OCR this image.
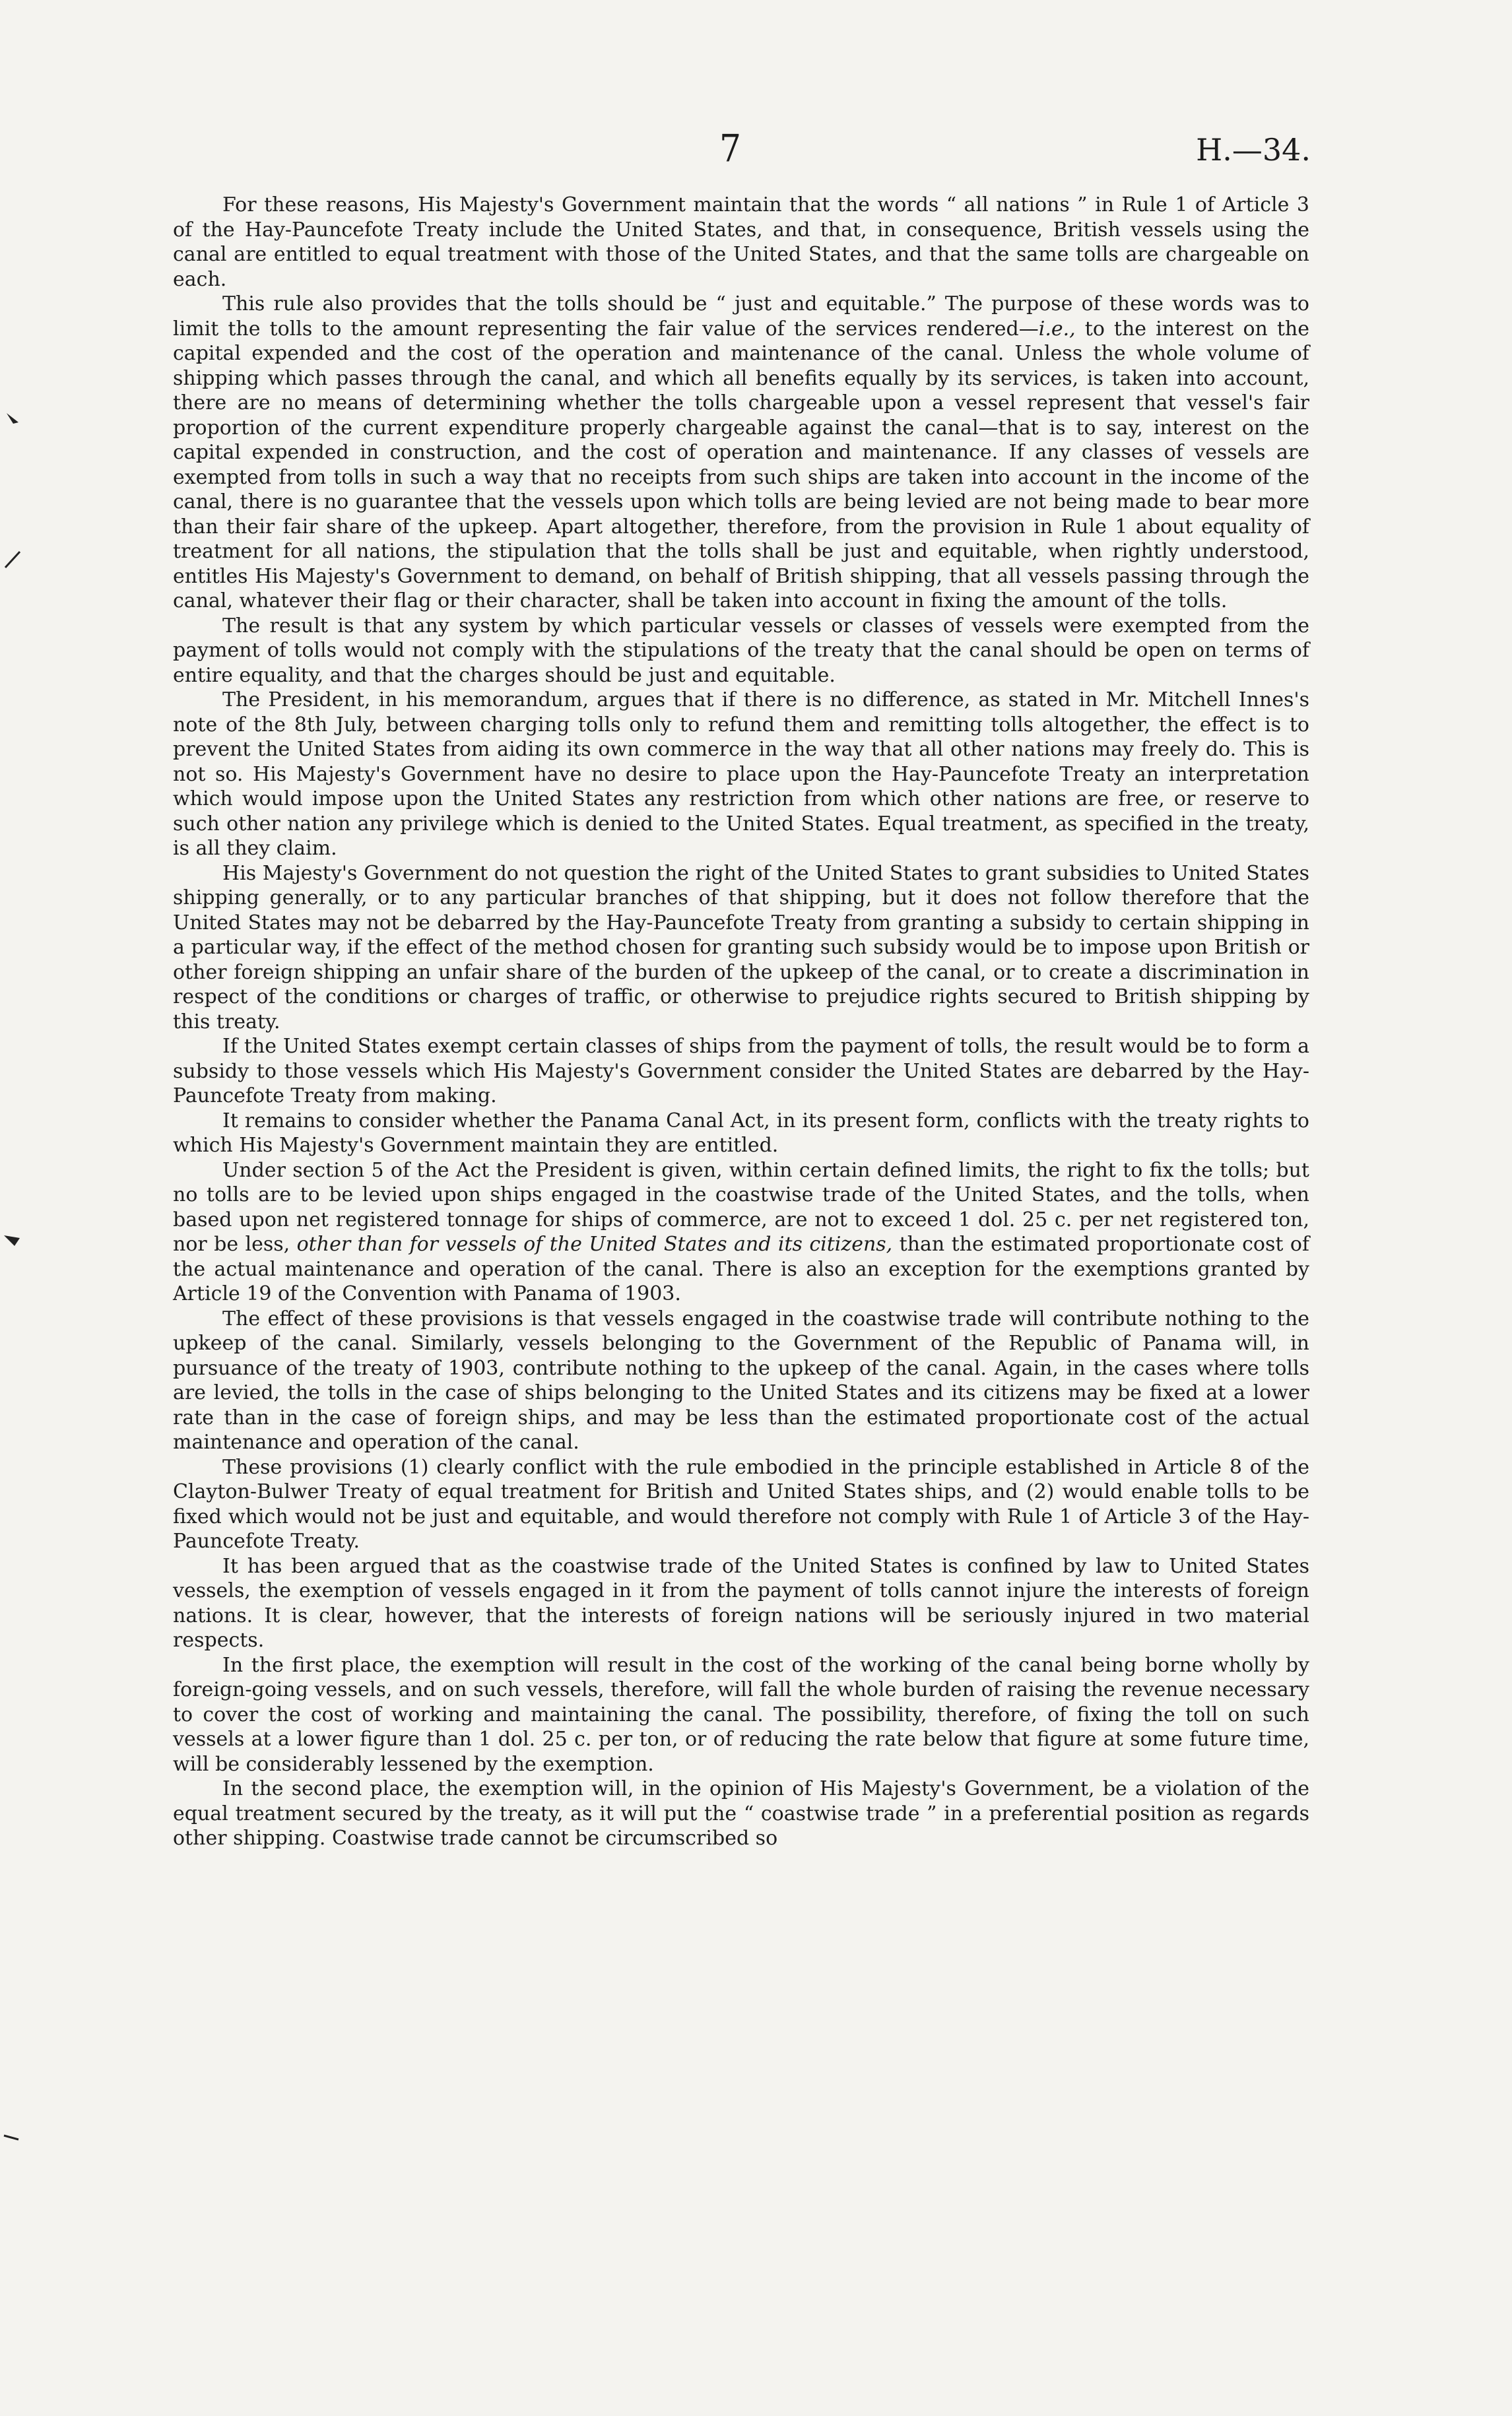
7	H.—34.

For these reasons, His Majesty's Government maintain that the words “ all nations ” in Rule 1 of Article 3 of the Hay-Pauncefote Treaty include the United States, and that, in consequence, British vessels using the canal are entitled to equal treatment with those of the United States, and that the same tolls are chargeable on each.

This rule also provides that the tolls should be “ just and equitable.” The purpose of these words was to limit the tolls to the amount representing the fair value of the services rendered—i.e., to the interest on the capital expended and the cost of the operation and maintenance of the canal. Unless the whole volume of shipping which passes through the canal, and which all benefits equally by its services, is taken into account, there are no means of determining whether the tolls chargeable upon a vessel represent that vessel's fair proportion of the current expenditure properly chargeable against the canal—that is to say, interest on the capital expended in construction, and the cost of operation and maintenance. If any classes of vessels are exempted from tolls in such a way that no receipts from such ships are taken into account in the income of the canal, there is no guarantee that the vessels upon which tolls are being levied are not being made to bear more than their fair share of the upkeep. Apart altogether, therefore, from the provision in Rule 1 about equality of treatment for all nations, the stipulation that the tolls shall be just and equitable, when rightly understood, entitles His Majesty's Government to demand, on behalf of British shipping, that all vessels passing through the canal, whatever their flag or their character, shall be taken into account in fixing the amount of the tolls.

The result is that any system by which particular vessels or classes of vessels were exempted from the payment of tolls would not comply with the stipulations of the treaty that the canal should be open on terms of entire equality, and that the charges should be just and equitable.

The President, in his memorandum, argues that if there is no difference, as stated in Mr. Mitchell Innes's note of the 8th July, between charging tolls only to refund them and remitting tolls altogether, the effect is to prevent the United States from aiding its own commerce in the way that all other nations may freely do. This is not so. His Majesty's Government have no desire to place upon the Hay-Pauncefote Treaty an interpretation which would impose upon the United States any restriction from which other nations are free, or reserve to such other nation any privilege which is denied to the United States. Equal treatment, as specified in the treaty, is all they claim.

His Majesty's Government do not question the right of the United States to grant subsidies to United States shipping generally, or to any particular branches of that shipping, but it does not follow therefore that the United States may not be debarred by the Hay-Pauncefote Treaty from granting a subsidy to certain shipping in a particular way, if the effect of the method chosen for granting such subsidy would be to impose upon British or other foreign shipping an unfair share of the burden of the upkeep of the canal, or to create a discrimination in respect of the conditions or charges of traffic, or otherwise to prejudice rights secured to British shipping by this treaty.

If the United States exempt certain classes of ships from the payment of tolls, the result would be to form a subsidy to those vessels which His Majesty's Government consider the United States are debarred by the Hay-Pauncefote Treaty from making.

It remains to consider whether the Panama Canal Act, in its present form, conflicts with the treaty rights to which His Majesty's Government maintain they are entitled.

Under section 5 of the Act the President is given, within certain defined limits, the right to fix the tolls; but no tolls are to be levied upon ships engaged in the coastwise trade of the United States, and the tolls, when based upon net registered tonnage for ships of commerce, are not to exceed 1 dol. 25 c. per net registered ton, nor be less, other than for vessels of the United States and its citizens, than the estimated proportionate cost of the actual maintenance and operation of the canal. There is also an exception for the exemptions granted by Article 19 of the Convention with Panama of 1903.

The effect of these provisions is that vessels engaged in the coastwise trade will contribute nothing to the upkeep of the canal. Similarly, vessels belonging to the Government of the Republic of Panama will, in pursuance of the treaty of 1903, contribute nothing to the upkeep of the canal. Again, in the cases where tolls are levied, the tolls in the case of ships belonging to the United States and its citizens may be fixed at a lower rate than in the case of foreign ships, and may be less than the estimated proportionate cost of the actual maintenance and operation of the canal.

These provisions (1) clearly conflict with the rule embodied in the principle established in Article 8 of the Clayton-Bulwer Treaty of equal treatment for British and United States ships, and (2) would enable tolls to be fixed which would not be just and equitable, and would therefore not comply with Rule 1 of Article 3 of the Hay-Pauncefote Treaty.

It has been argued that as the coastwise trade of the United States is confined by law to United States vessels, the exemption of vessels engaged in it from the payment of tolls cannot injure the interests of foreign nations. It is clear, however, that the interests of foreign nations will be seriously injured in two material respects.

In the first place, the exemption will result in the cost of the working of the canal being borne wholly by foreign-going vessels, and on such vessels, therefore, will fall the whole burden of raising the revenue necessary to cover the cost of working and maintaining the canal. The possibility, therefore, of fixing the toll on such vessels at a lower figure than 1 dol. 25 c. per ton, or of reducing the rate below that figure at some future time, will be considerably lessened by the exemption.

In the second place, the exemption will, in the opinion of His Majesty's Government, be a violation of the equal treatment secured by the treaty, as it will put the “ coastwise trade ” in a preferential position as regards other shipping. Coastwise trade cannot be circumscribed so
